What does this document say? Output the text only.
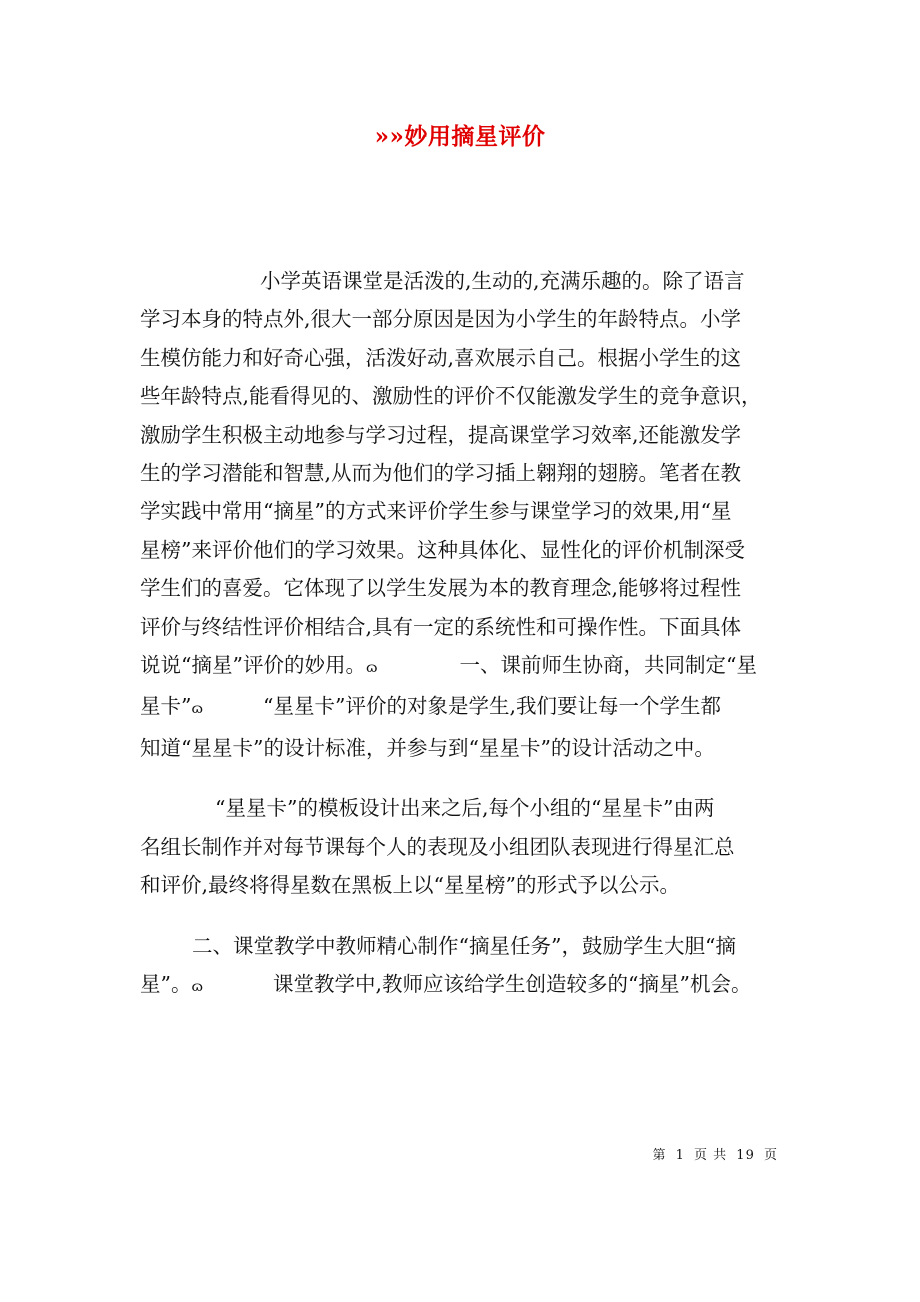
»»妙用摘星评价
小学英语课堂是活泼的,生动的,充满乐趣的。除了语言
学习本身的特点外,很大一部分原因是因为小学生的年龄特点。小学
生模仿能力和好奇心强，活泼好动,喜欢展示自己。根据小学生的这
些年龄特点,能看得见的、激励性的评价不仅能激发学生的竞争意识，
激励学生积极主动地参与学习过程，提高课堂学习效率,还能激发学
生的学习潜能和智慧,从而为他们的学习插上翱翔的翅膀。笔者在教
学实践中常用“摘星”的方式来评价学生参与课堂学习的效果,用“星
星榜”来评价他们的学习效果。这种具体化、显性化的评价机制深受
学生们的喜爱。它体现了以学生发展为本的教育理念,能够将过程性
评价与终结性评价相结合,具有一定的系统性和可操作性。下面具体
说说“摘星”评价的妙用。ɷ	一、课前师生协商，共同制定“星
星卡”ɷ	“星星卡”评价的对象是学生,我们要让每一个学生都
知道“星星卡”的设计标准，并参与到“星星卡”的设计活动之中。
“星星卡”的模板设计出来之后,每个小组的“星星卡”由两
名组长制作并对每节课每个人的表现及小组团队表现进行得星汇总
和评价,最终将得星数在黑板上以“星星榜”的形式予以公示。
二、课堂教学中教师精心制作“摘星任务”，鼓励学生大胆“摘
星”。ɷ	课堂教学中,教师应该给学生创造较多的“摘星”机会。
第 1 页 共 19 页
